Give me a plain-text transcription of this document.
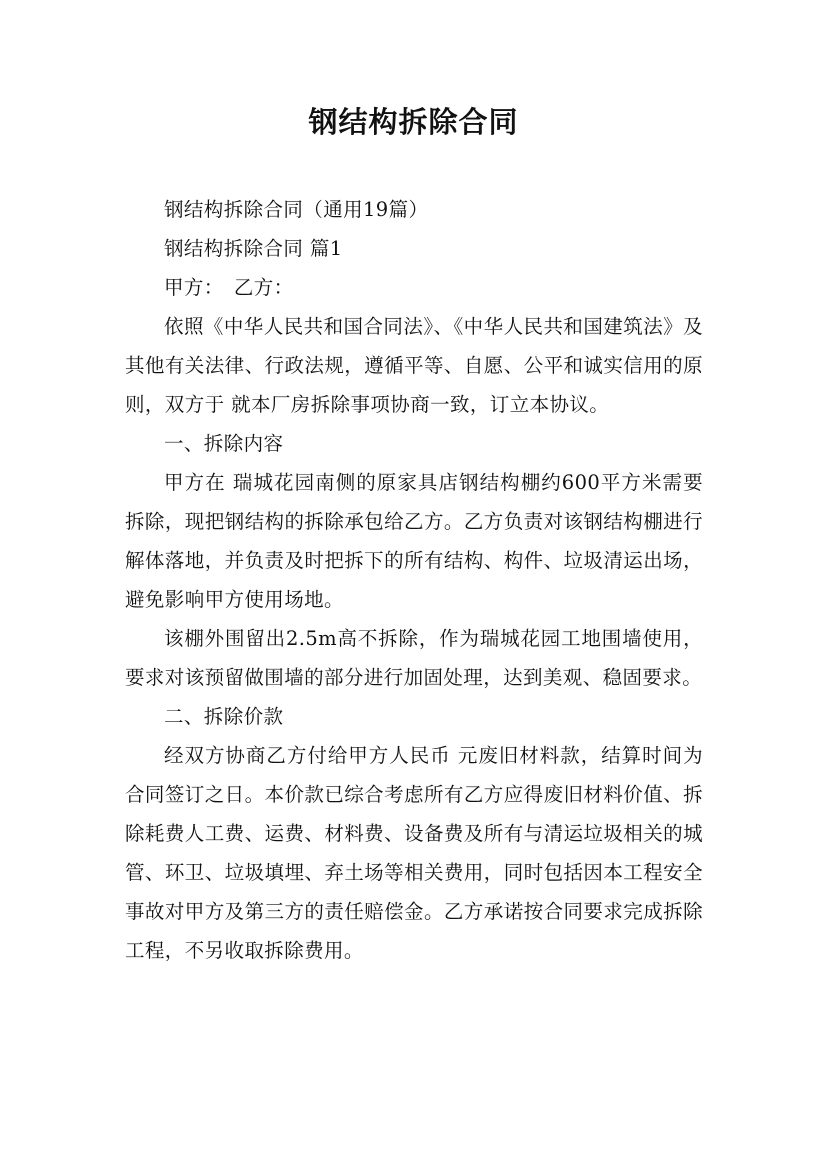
钢结构拆除合同

钢结构拆除合同（通用19篇）

钢结构拆除合同 篇1

甲方：　乙方：

依照《中华人民共和国合同法》、《中华人民共和国建筑法》及其他有关法律、行政法规，遵循平等、自愿、公平和诚实信用的原则，双方于 就本厂房拆除事项协商一致，订立本协议。

一、拆除内容

甲方在 瑞城花园南侧的原家具店钢结构棚约600平方米需要拆除，现把钢结构的拆除承包给乙方。乙方负责对该钢结构棚进行解体落地，并负责及时把拆下的所有结构、构件、垃圾清运出场，避免影响甲方使用场地。

该棚外围留出2.5m高不拆除，作为瑞城花园工地围墙使用，要求对该预留做围墙的部分进行加固处理，达到美观、稳固要求。

二、拆除价款

经双方协商乙方付给甲方人民币 元废旧材料款，结算时间为合同签订之日。本价款已综合考虑所有乙方应得废旧材料价值、拆除耗费人工费、运费、材料费、设备费及所有与清运垃圾相关的城管、环卫、垃圾填埋、弃土场等相关费用，同时包括因本工程安全事故对甲方及第三方的责任赔偿金。乙方承诺按合同要求完成拆除工程，不另收取拆除费用。
